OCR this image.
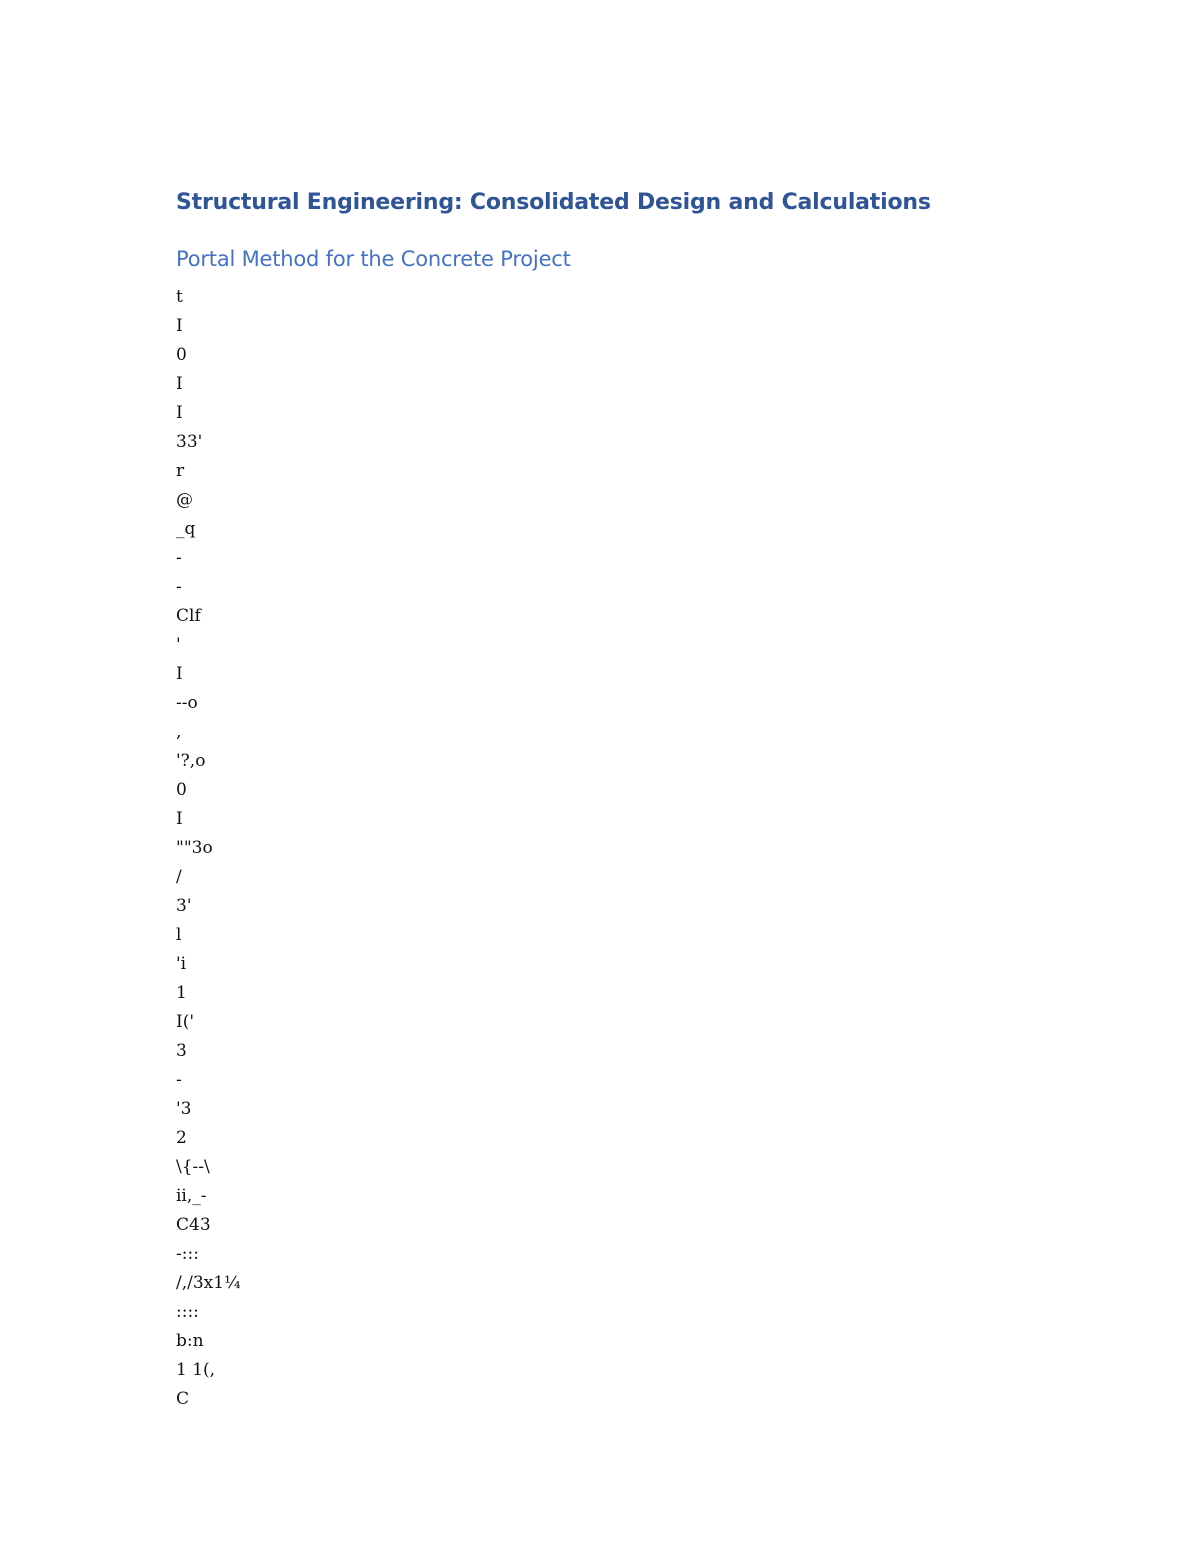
Structural Engineering: Consolidated Design and Calculations
Portal Method for the Concrete Project
t
I
0
I
I
33'
r
@
_q
-
-
Clf
'
I
--o
,
'?,o
0
I
""3o
/
3'
l
'i
1
I('
3
-
'3
2
\{--\
ii,_-
C43
-:::
/,/3x1¼
::::
b:n
1 1(,
C
